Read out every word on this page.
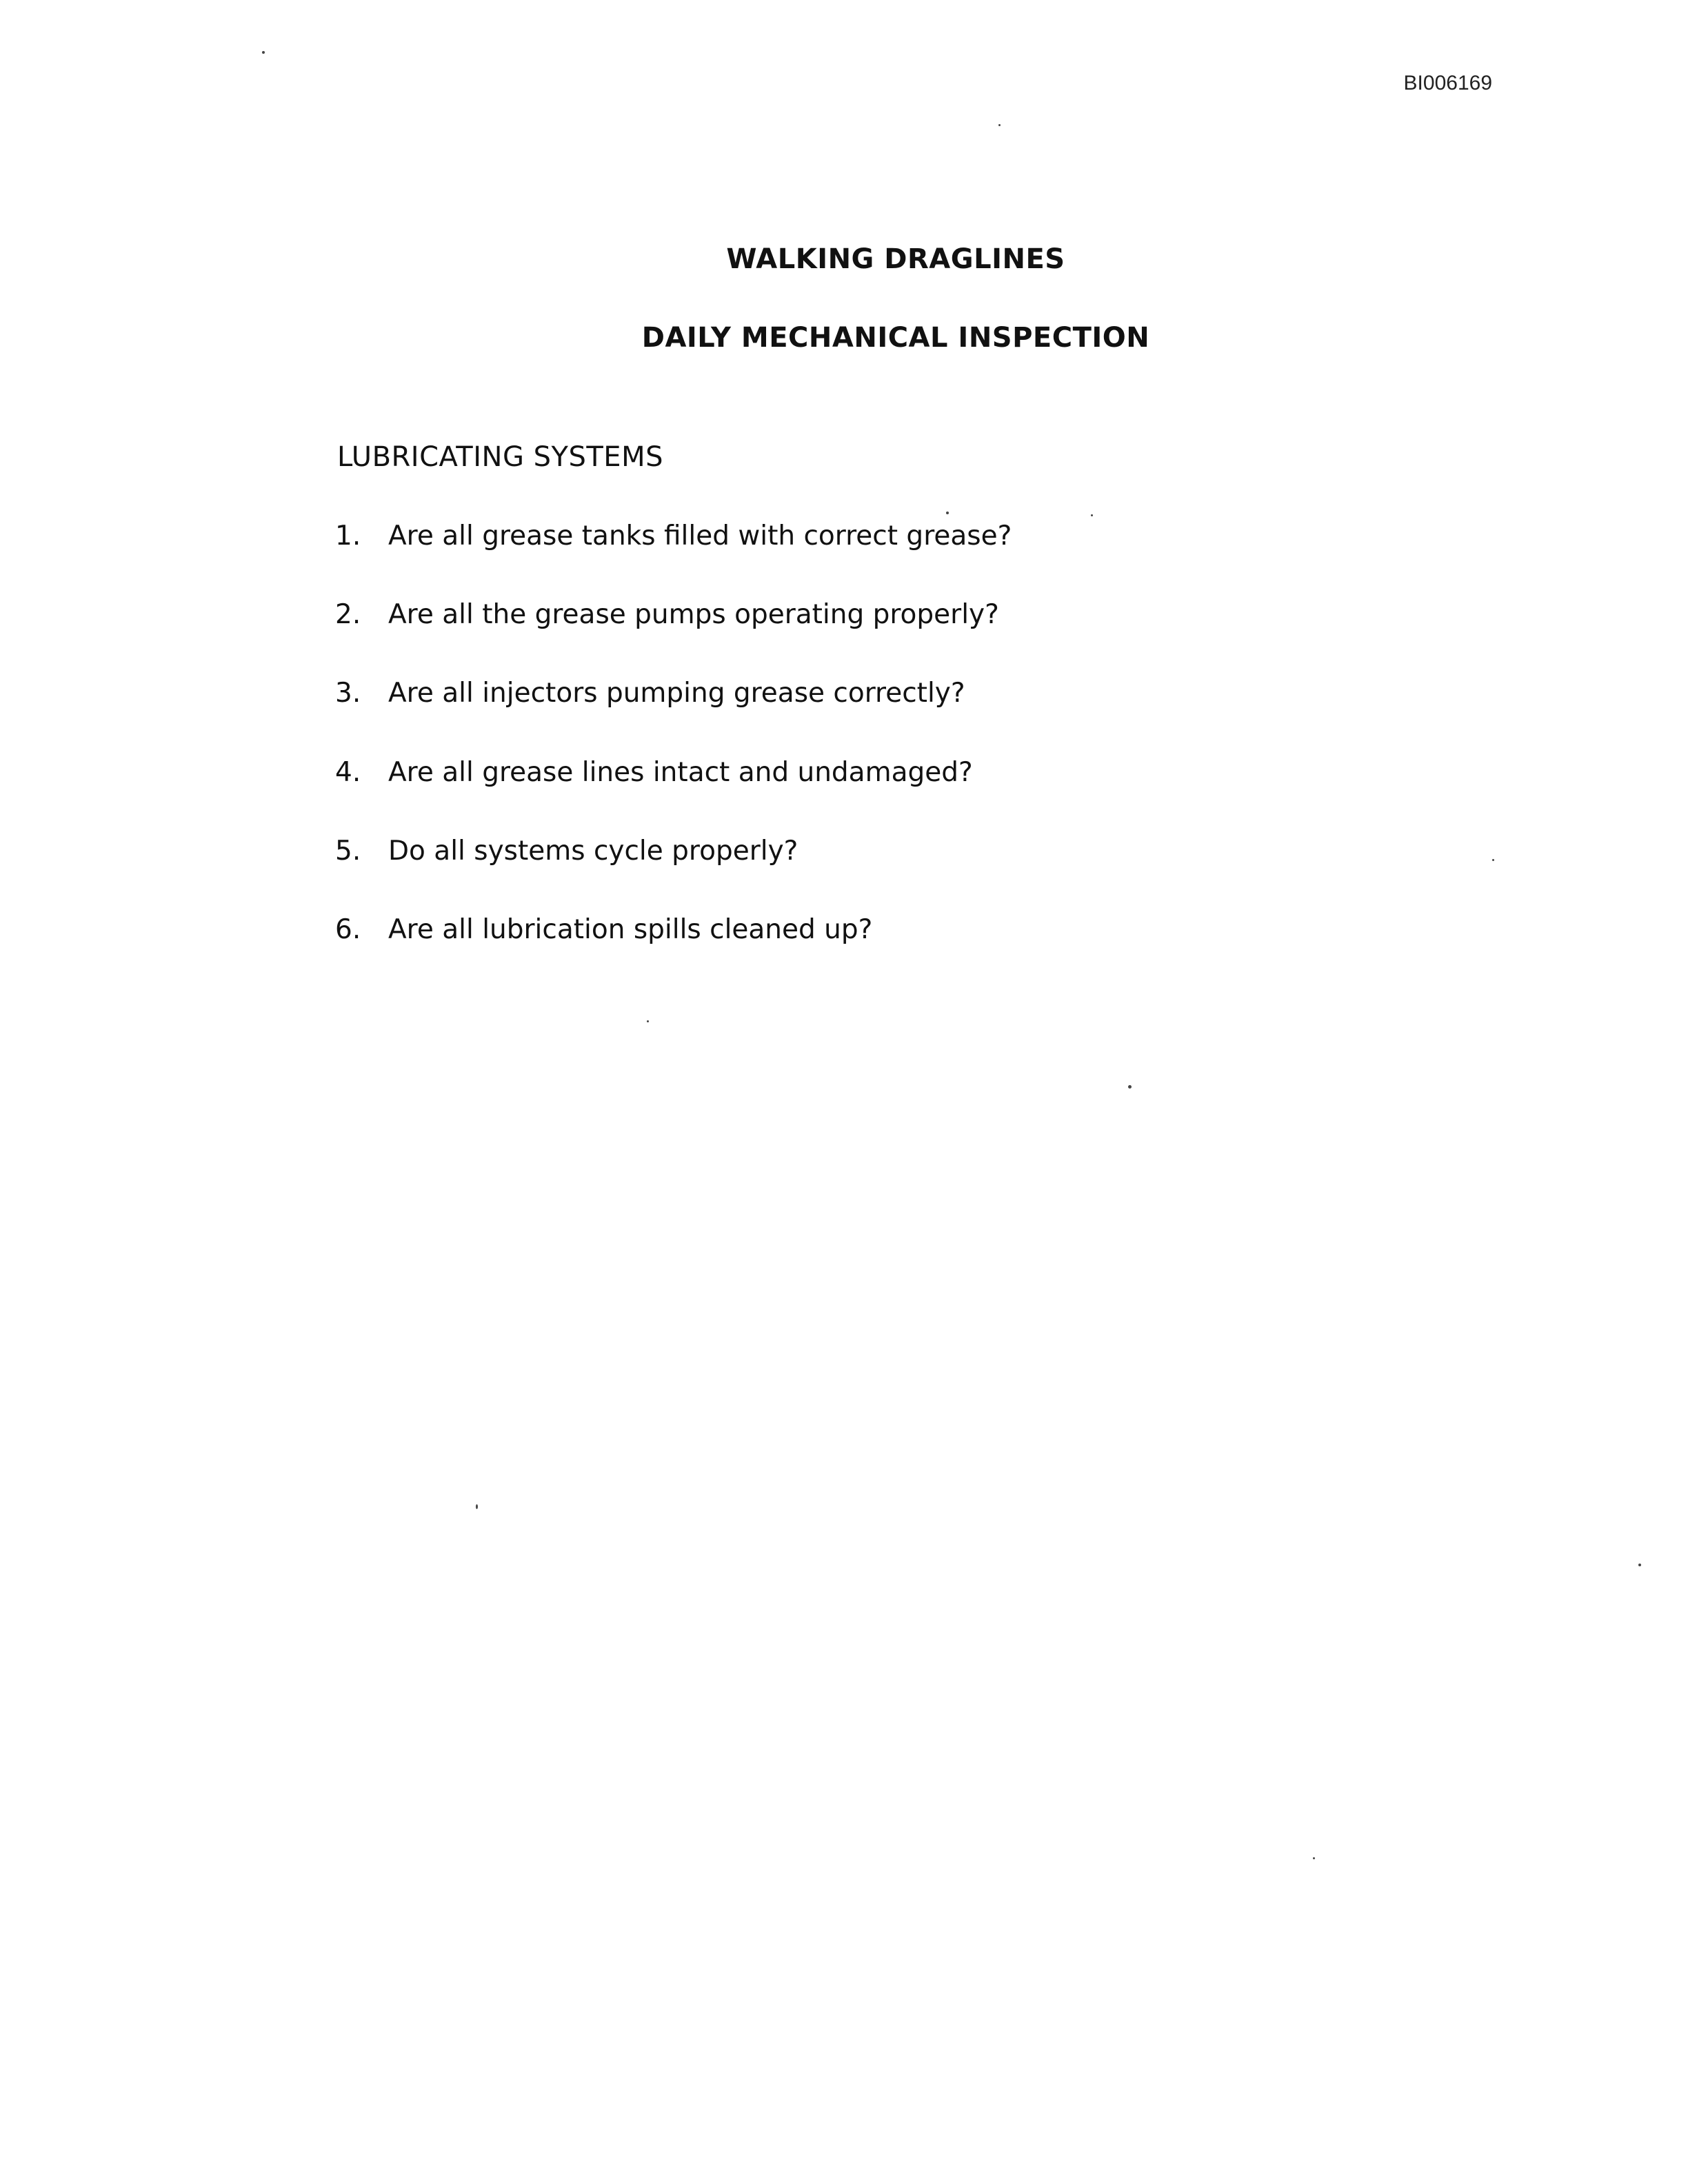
BI006169
WALKING DRAGLINES
DAILY MECHANICAL INSPECTION
LUBRICATING SYSTEMS
1. Are all grease tanks filled with correct grease?
2. Are all the grease pumps operating properly?
3. Are all injectors pumping grease correctly?
4. Are all grease lines intact and undamaged?
5. Do all systems cycle properly?
6. Are all lubrication spills cleaned up?
